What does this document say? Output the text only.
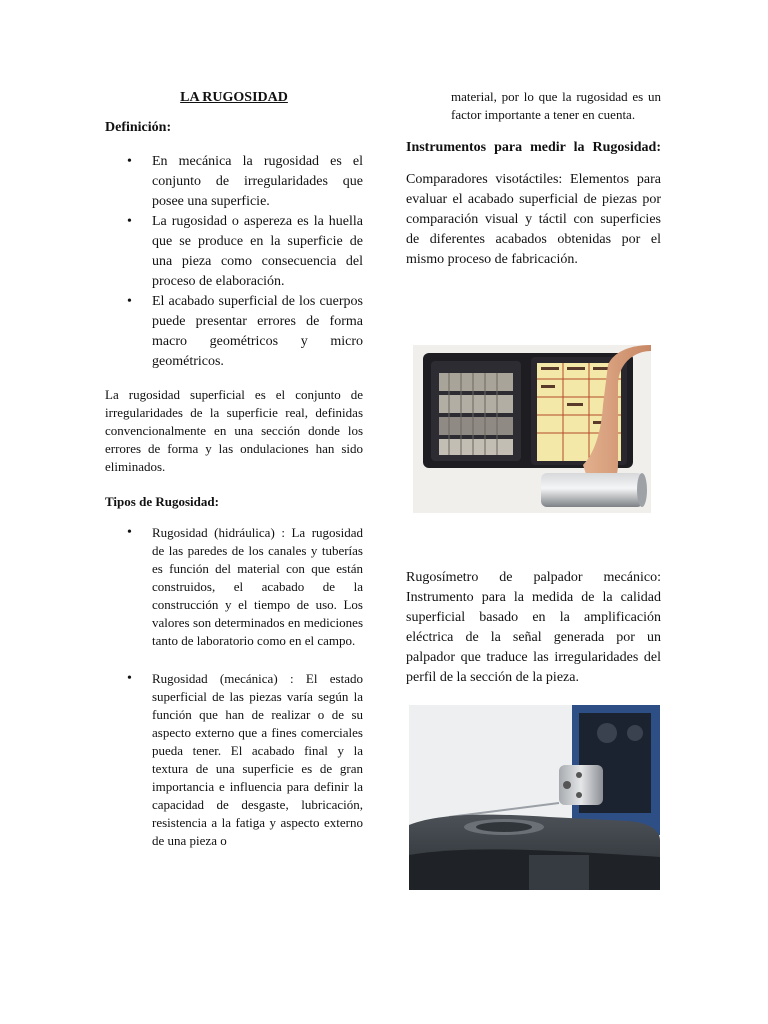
LA RUGOSIDAD
Definición:
• En mecánica la rugosidad es el conjunto de irregularidades que posee una superficie.
• La rugosidad o aspereza es la huella que se produce en la superficie de una pieza como consecuencia del proceso de elaboración.
• El acabado superficial de los cuerpos puede presentar errores de forma macro geométricos y micro geométricos.

La rugosidad superficial es el conjunto de irregularidades de la superficie real, definidas convencionalmente en una sección donde los errores de forma y las ondulaciones han sido eliminados.

Tipos de Rugosidad:
• Rugosidad (hidráulica) : La rugosidad de las paredes de los canales y tuberías es función del material con que están construidos, el acabado de la construcción y el tiempo de uso. Los valores son determinados en mediciones tanto de laboratorio como en el campo.
• Rugosidad (mecánica) : El estado superficial de las piezas varía según la función que han de realizar o de su aspecto externo que a fines comerciales pueda tener. El acabado final y la textura de una superficie es de gran importancia e influencia para definir la capacidad de desgaste, lubricación, resistencia a la fatiga y aspecto externo de una pieza o

material, por lo que la rugosidad es un factor importante a tener en cuenta.

Instrumentos para medir la Rugosidad:

Comparadores visotáctiles: Elementos para evaluar el acabado superficial de piezas por comparación visual y táctil con superficies de diferentes acabados obtenidas por el mismo proceso de fabricación.

Rugosímetro de palpador mecánico: Instrumento para la medida de la calidad superficial basado en la amplificación eléctrica de la señal generada por un palpador que traduce las irregularidades del perfil de la sección de la pieza.
